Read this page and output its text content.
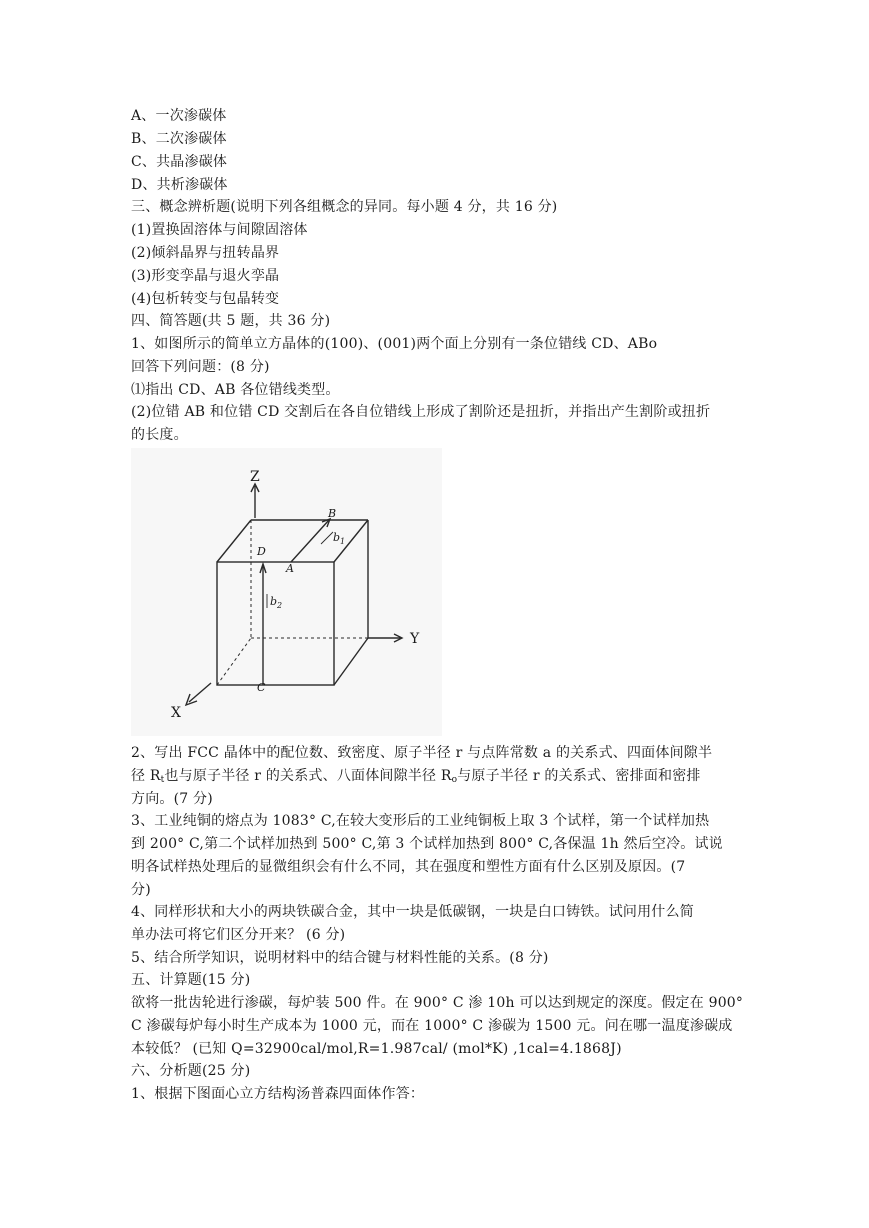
A、一次渗碳体
B、二次渗碳体
C、共晶渗碳体
D、共析渗碳体
三、概念辨析题(说明下列各组概念的异同。每小题 4 分，共 16 分)
(1)置换固溶体与间隙固溶体
(2)倾斜晶界与扭转晶界
(3)形变孪晶与退火孪晶
(4)包析转变与包晶转变
四、简答题(共 5 题，共 36 分)
1、如图所示的简单立方晶体的(100)、(001)两个面上分别有一条位错线 CD、ABo
回答下列问题：(8 分)
⑴指出 CD、AB 各位错线类型。
(2)位错 AB 和位错 CD 交割后在各自位错线上形成了割阶还是扭折，并指出产生割阶或扭折
的长度。
Z
Y
X
B
A
D
C
$b_1$
$b_2$
2、写出 FCC 晶体中的配位数、致密度、原子半径 r 与点阵常数 a 的关系式、四面体间隙半
径 $R_t$也与原子半径 r 的关系式、八面体间隙半径 $R_o$与原子半径 r 的关系式、密排面和密排
方向。(7 分)
3、工业纯铜的熔点为 1083° C,在较大变形后的工业纯铜板上取 3 个试样，第一个试样加热
到 200° C,第二个试样加热到 500° C,第 3 个试样加热到 800° C,各保温 1h 然后空冷。试说
明各试样热处理后的显微组织会有什么不同，其在强度和塑性方面有什么区别及原因。(7
分)
4、同样形状和大小的两块铁碳合金，其中一块是低碳钢，一块是白口铸铁。试问用什么简
单办法可将它们区分开来？ (6 分)
5、结合所学知识，说明材料中的结合键与材料性能的关系。(8 分)
五、计算题(15 分)
欲将一批齿轮进行渗碳，每炉装 500 件。在 900° C 渗 10h 可以达到规定的深度。假定在 900°
C 渗碳每炉每小时生产成本为 1000 元，而在 1000° C 渗碳为 1500 元。问在哪一温度渗碳成
本较低？ (已知 Q=32900cal/mol,R=1.987cal/ (mol*K) ,1cal=4.1868J)
六、分析题(25 分)
1、根据下图面心立方结构汤普森四面体作答：
